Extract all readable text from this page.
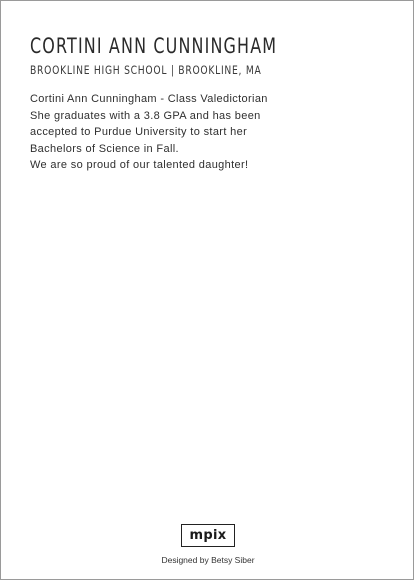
CORTINI ANN CUNNINGHAM
BROOKLINE HIGH SCHOOL | BROOKLINE, MA

Cortini Ann Cunningham - Class Valedictorian
She graduates with a 3.8 GPA and has been
accepted to Purdue University to start her
Bachelors of Science in Fall.
We are so proud of our talented daughter!

mpix

Designed by Betsy Siber
